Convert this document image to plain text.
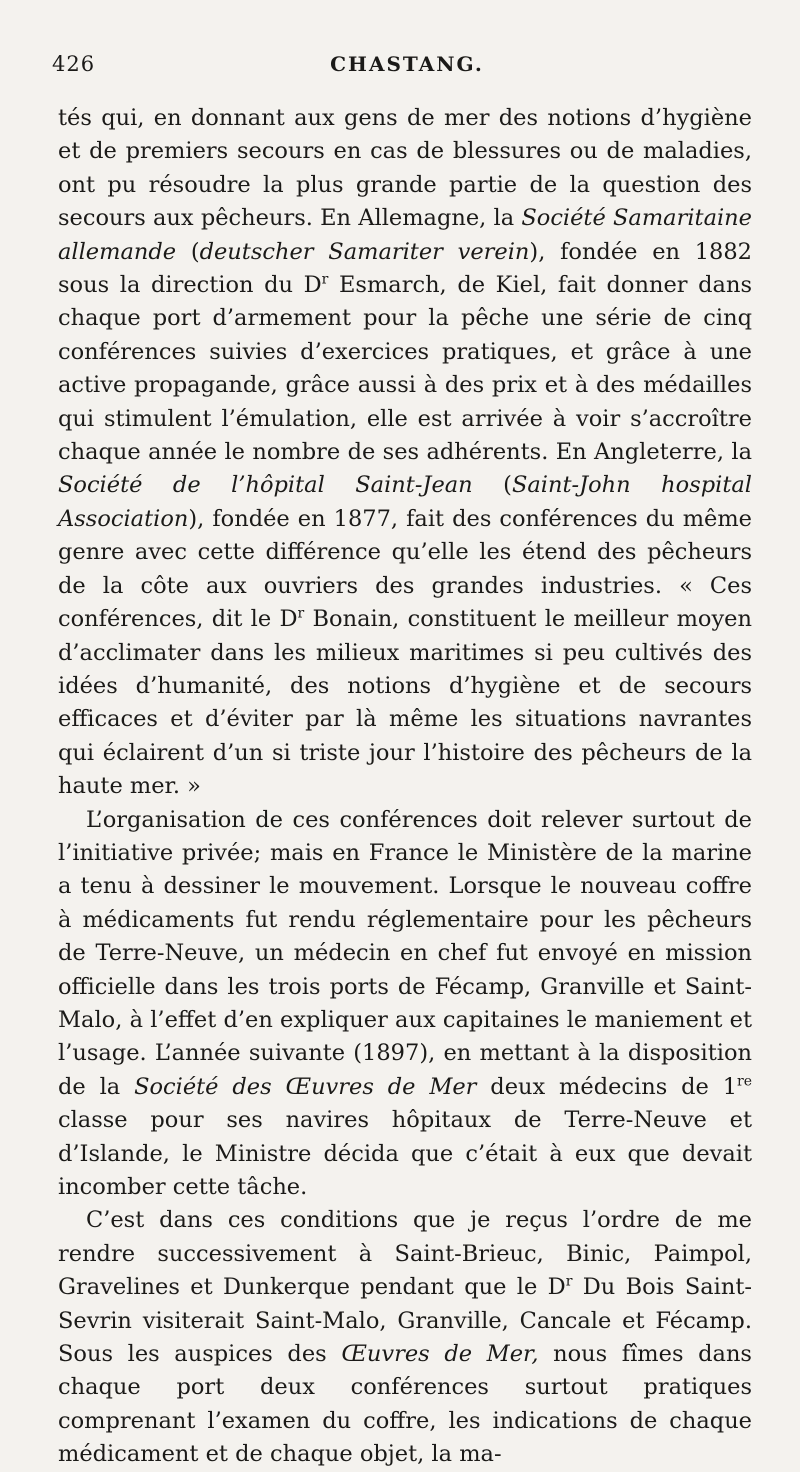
426	CHASTANG.

tés qui, en donnant aux gens de mer des notions d’hygiène et de premiers secours en cas de blessures ou de maladies, ont pu résoudre la plus grande partie de la question des secours aux pêcheurs. En Allemagne, la Société Samaritaine allemande (deutscher Samariter verein), fondée en 1882 sous la direction du $D^r$ Esmarch, de Kiel, fait donner dans chaque port d’armement pour la pêche une série de cinq conférences suivies d’exercices pratiques, et grâce à une active propagande, grâce aussi à des prix et à des médailles qui stimulent l’émulation, elle est arrivée à voir s’accroître chaque année le nombre de ses adhérents. En Angleterre, la Société de l’hôpital Saint-Jean (Saint-John hospital Association), fondée en 1877, fait des conférences du même genre avec cette différence qu’elle les étend des pêcheurs de la côte aux ouvriers des grandes industries. « Ces conférences, dit le $D^r$ Bonain, constituent le meilleur moyen d’acclimater dans les milieux maritimes si peu cultivés des idées d’humanité, des notions d’hygiène et de secours efficaces et d’éviter par là même les situations navrantes qui éclairent d’un si triste jour l’histoire des pêcheurs de la haute mer. »

L’organisation de ces conférences doit relever surtout de l’initiative privée; mais en France le Ministère de la marine a tenu à dessiner le mouvement. Lorsque le nouveau coffre à médicaments fut rendu réglementaire pour les pêcheurs de Terre-Neuve, un médecin en chef fut envoyé en mission officielle dans les trois ports de Fécamp, Granville et Saint-Malo, à l’effet d’en expliquer aux capitaines le maniement et l’usage. L’année suivante (1897), en mettant à la disposition de la Société des Œuvres de Mer deux médecins de 1re classe pour ses navires hôpitaux de Terre-Neuve et d’Islande, le Ministre décida que c’était à eux que devait incomber cette tâche.

C’est dans ces conditions que je reçus l’ordre de me rendre successivement à Saint-Brieuc, Binic, Paimpol, Gravelines et Dunkerque pendant que le $D^r$ Du Bois Saint-Sevrin visiterait Saint-Malo, Granville, Cancale et Fécamp. Sous les auspices des Œuvres de Mer, nous fîmes dans chaque port deux conférences surtout pratiques comprenant l’examen du coffre, les indications de chaque médicament et de chaque objet, la ma-
